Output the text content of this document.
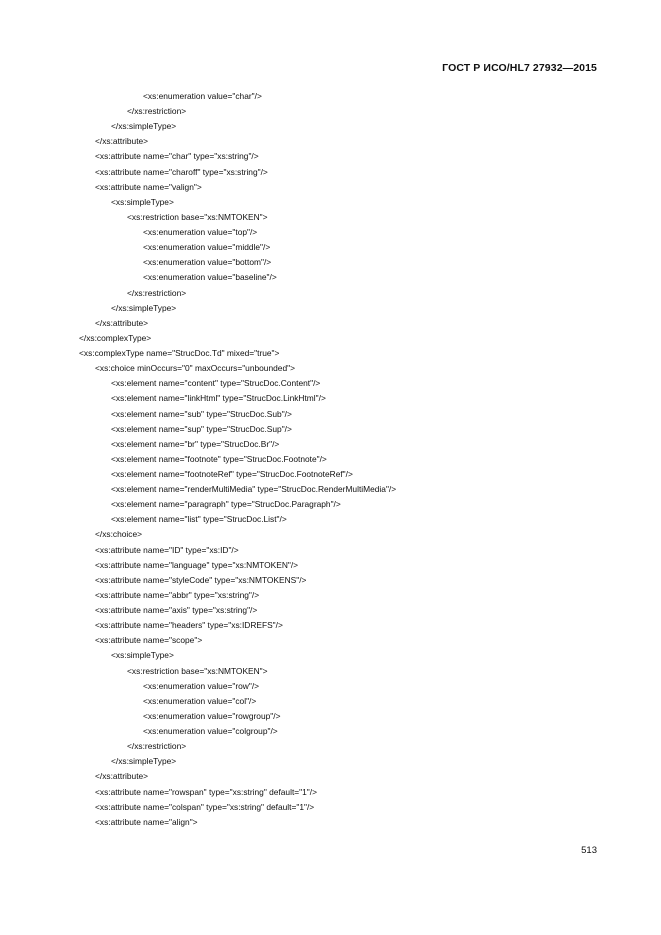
ГОСТ Р ИСО/HL7 27932—2015
<xs:enumeration value="char"/>
</xs:restriction>
</xs:simpleType>
</xs:attribute>
<xs:attribute name="char" type="xs:string"/>
<xs:attribute name="charoff" type="xs:string"/>
<xs:attribute name="valign">
<xs:simpleType>
<xs:restriction base="xs:NMTOKEN">
<xs:enumeration value="top"/>
<xs:enumeration value="middle"/>
<xs:enumeration value="bottom"/>
<xs:enumeration value="baseline"/>
</xs:restriction>
</xs:simpleType>
</xs:attribute>
</xs:complexType>
<xs:complexType name="StrucDoc.Td" mixed="true">
<xs:choice minOccurs="0" maxOccurs="unbounded">
<xs:element name="content" type="StrucDoc.Content"/>
<xs:element name="linkHtml" type="StrucDoc.LinkHtml"/>
<xs:element name="sub" type="StrucDoc.Sub"/>
<xs:element name="sup" type="StrucDoc.Sup"/>
<xs:element name="br" type="StrucDoc.Br"/>
<xs:element name="footnote" type="StrucDoc.Footnote"/>
<xs:element name="footnoteRef" type="StrucDoc.FootnoteRef"/>
<xs:element name="renderMultiMedia" type="StrucDoc.RenderMultiMedia"/>
<xs:element name="paragraph" type="StrucDoc.Paragraph"/>
<xs:element name="list" type="StrucDoc.List"/>
</xs:choice>
<xs:attribute name="ID" type="xs:ID"/>
<xs:attribute name="language" type="xs:NMTOKEN"/>
<xs:attribute name="styleCode" type="xs:NMTOKENS"/>
<xs:attribute name="abbr" type="xs:string"/>
<xs:attribute name="axis" type="xs:string"/>
<xs:attribute name="headers" type="xs:IDREFS"/>
<xs:attribute name="scope">
<xs:simpleType>
<xs:restriction base="xs:NMTOKEN">
<xs:enumeration value="row"/>
<xs:enumeration value="col"/>
<xs:enumeration value="rowgroup"/>
<xs:enumeration value="colgroup"/>
</xs:restriction>
</xs:simpleType>
</xs:attribute>
<xs:attribute name="rowspan" type="xs:string" default="1"/>
<xs:attribute name="colspan" type="xs:string" default="1"/>
<xs:attribute name="align">
513
